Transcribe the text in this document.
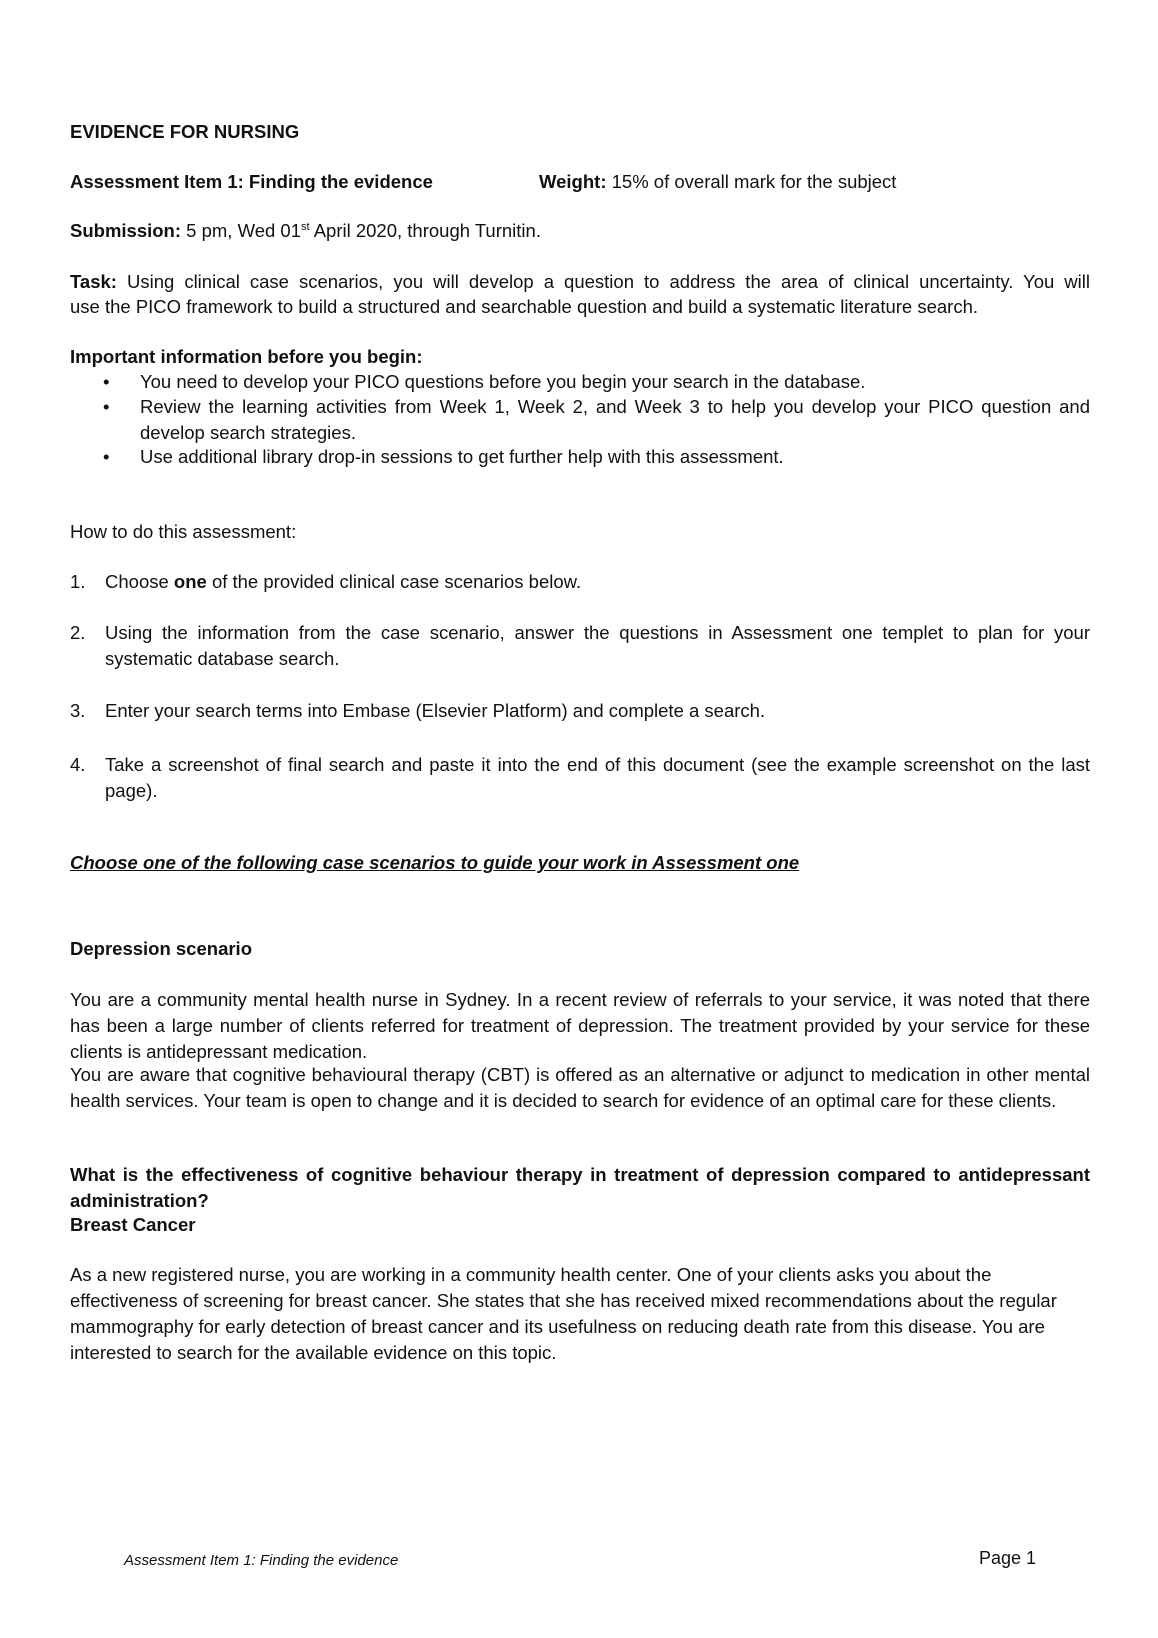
EVIDENCE FOR NURSING
Assessment Item 1: Finding the evidence	Weight: 15% of overall mark for the subject
Submission: 5 pm, Wed 01st April 2020, through Turnitin.
Task: Using clinical case scenarios, you will develop a question to address the area of clinical uncertainty. You will
use the PICO framework to build a structured and searchable question and build a systematic literature search.
Important information before you begin:
• You need to develop your PICO questions before you begin your search in the database.
• Review the learning activities from Week 1, Week 2, and Week 3 to help you develop your PICO question and develop search strategies.
• Use additional library drop-in sessions to get further help with this assessment.
How to do this assessment:
1. Choose one of the provided clinical case scenarios below.
2. Using the information from the case scenario, answer the questions in Assessment one templet to plan for your systematic database search.
3. Enter your search terms into Embase (Elsevier Platform) and complete a search.
4. Take a screenshot of final search and paste it into the end of this document (see the example screenshot on the last page).
Choose one of the following case scenarios to guide your work in Assessment one
Depression scenario
You are a community mental health nurse in Sydney. In a recent review of referrals to your service, it was noted that there has been a large number of clients referred for treatment of depression. The treatment provided by your service for these clients is antidepressant medication.
You are aware that cognitive behavioural therapy (CBT) is offered as an alternative or adjunct to medication in other mental health services. Your team is open to change and it is decided to search for evidence of an optimal care for these clients.
What is the effectiveness of cognitive behaviour therapy in treatment of depression compared to antidepressant administration?
Breast Cancer
As a new registered nurse, you are working in a community health center. One of your clients asks you about the effectiveness of screening for breast cancer. She states that she has received mixed recommendations about the regular mammography for early detection of breast cancer and its usefulness on reducing death rate from this disease. You are interested to search for the available evidence on this topic.
Assessment Item 1: Finding the evidence	Page 1
